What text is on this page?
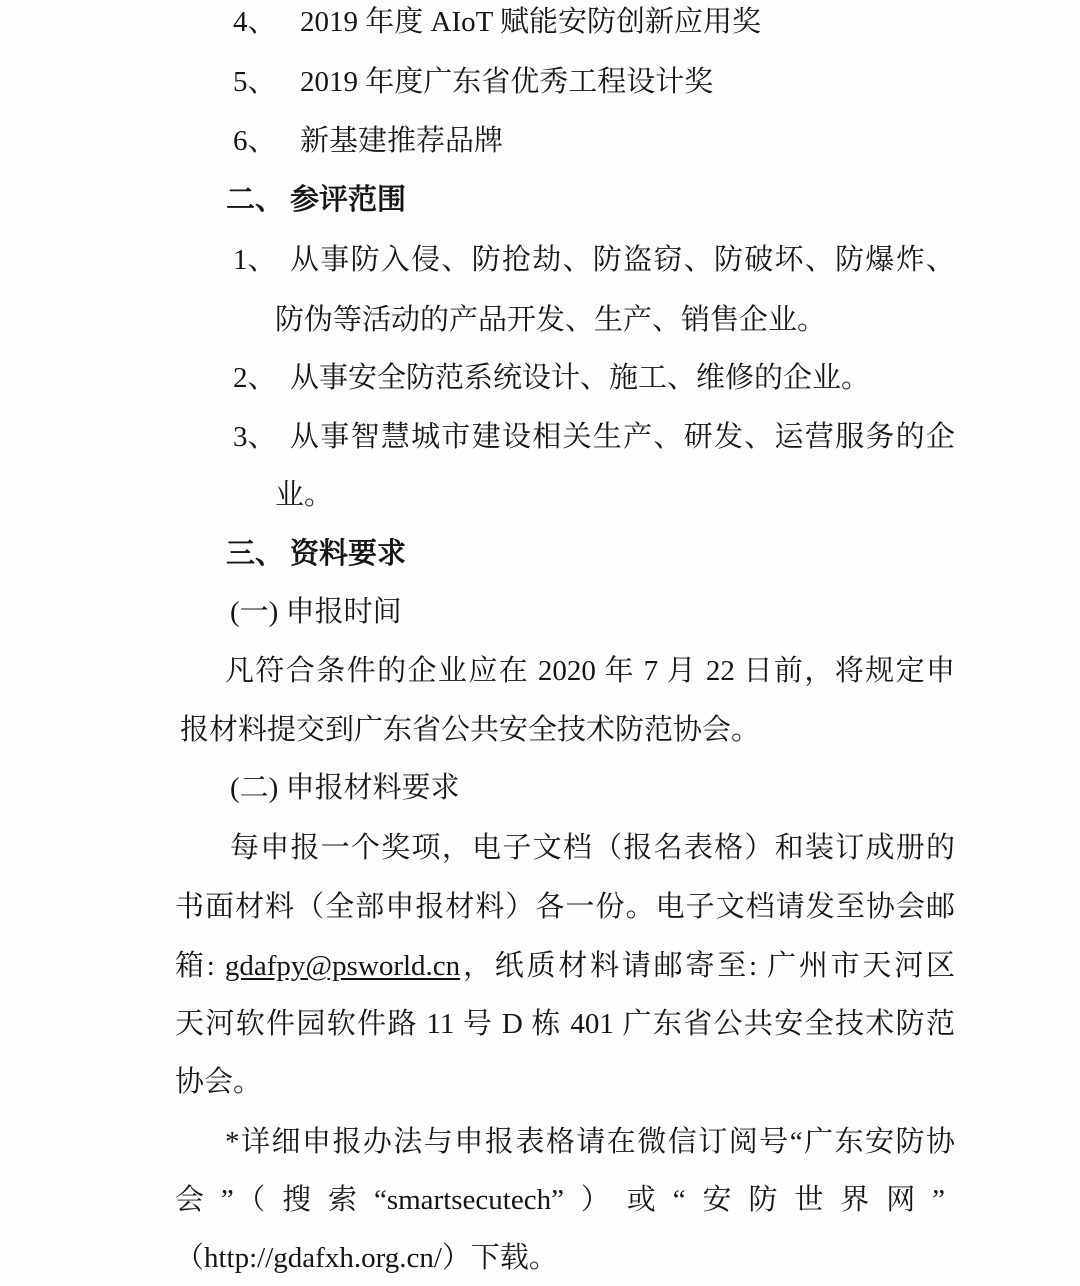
4、 2019 年度 AIoT 赋能安防创新应用奖
5、 2019 年度广东省优秀工程设计奖
6、 新基建推荐品牌
二、 参评范围
1、 从事防入侵、防抢劫、防盗窃、防破坏、防爆炸、
防伪等活动的产品开发、生产、销售企业。
2、 从事安全防范系统设计、施工、维修的企业。
3、 从事智慧城市建设相关生产、研发、运营服务的企
业。
三、 资料要求
(一) 申报时间
凡符合条件的企业应在 2020 年 7 月 22 日前，将规定申
报材料提交到广东省公共安全技术防范协会。
(二) 申报材料要求
每申报一个奖项，电子文档（报名表格）和装订成册的
书面材料（全部申报材料）各一份。电子文档请发至协会邮
箱: gdafpy@psworld.cn，纸质材料请邮寄至: 广州市天河区
天河软件园软件路 11 号 D 栋 401 广东省公共安全技术防范
协会。
*详细申报办法与申报表格请在微信订阅号“广东安防协
会”（搜索“smartsecutech”）或“安防世界网”
（http://gdafxh.org.cn/）下载。
